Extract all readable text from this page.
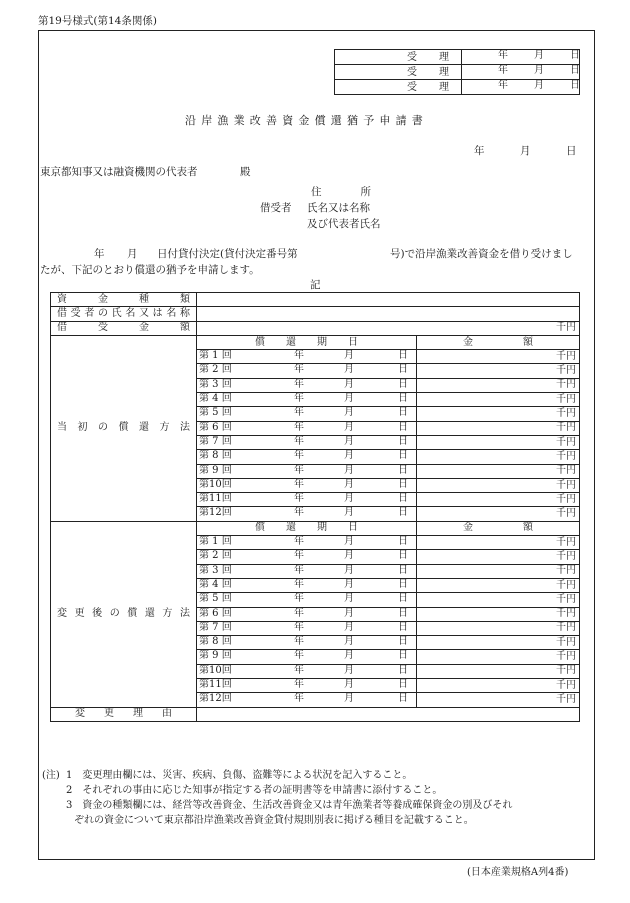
第19号様式(第14条関係)
受　理	年 月 日

受　理	年 月 日

受　理	年 月 日
沿岸漁業改善資金償還猶予申請書
年	月	日
東京都知事又は融資機関の代表者	殿
住　　所
借受者 氏名又は名称
及び代表者氏名
年 月 日付貸付決定(貸付決定番号第	号)で沿岸漁業改善資金を借り受けまし
たが、下記のとおり償還の猶予を申請します。
記
資金種類		
借受者の氏名又は名称		
借受金額	千円	
当初の償還方法	償還期日	金額

	第 1 回 年 月 日	千円

	第 2 回 年 月 日	千円

	第 3 回 年 月 日	千円

	第 4 回 年 月 日	千円

	第 5 回 年 月 日	千円

	第 6 回 年 月 日	千円

	第 7 回 年 月 日	千円

	第 8 回 年 月 日	千円

	第 9 回 年 月 日	千円

	第10回 年 月 日	千円

	第11回 年 月 日	千円

	第12回 年 月 日	千円
変更後の償還方法	償還期日	金額

	第 1 回 年 月 日	千円

	第 2 回 年 月 日	千円

	第 3 回 年 月 日	千円

	第 4 回 年 月 日	千円

	第 5 回 年 月 日	千円

	第 6 回 年 月 日	千円

	第 7 回 年 月 日	千円

	第 8 回 年 月 日	千円

	第 9 回 年 月 日	千円

	第10回 年 月 日	千円

	第11回 年 月 日	千円

	第12回 年 月 日	千円
変更理由		
(注) 1　変更理由欄には、災害、疾病、負傷、盗難等による状況を記入すること。
2　それぞれの事由に応じた知事が指定する者の証明書等を申請書に添付すること。
3　資金の種類欄には、経営等改善資金、生活改善資金又は青年漁業者等養成確保資金の別及びそれ
ぞれの資金について東京都沿岸漁業改善資金貸付規則別表に掲げる種目を記載すること。
(日本産業規格A列4番)
